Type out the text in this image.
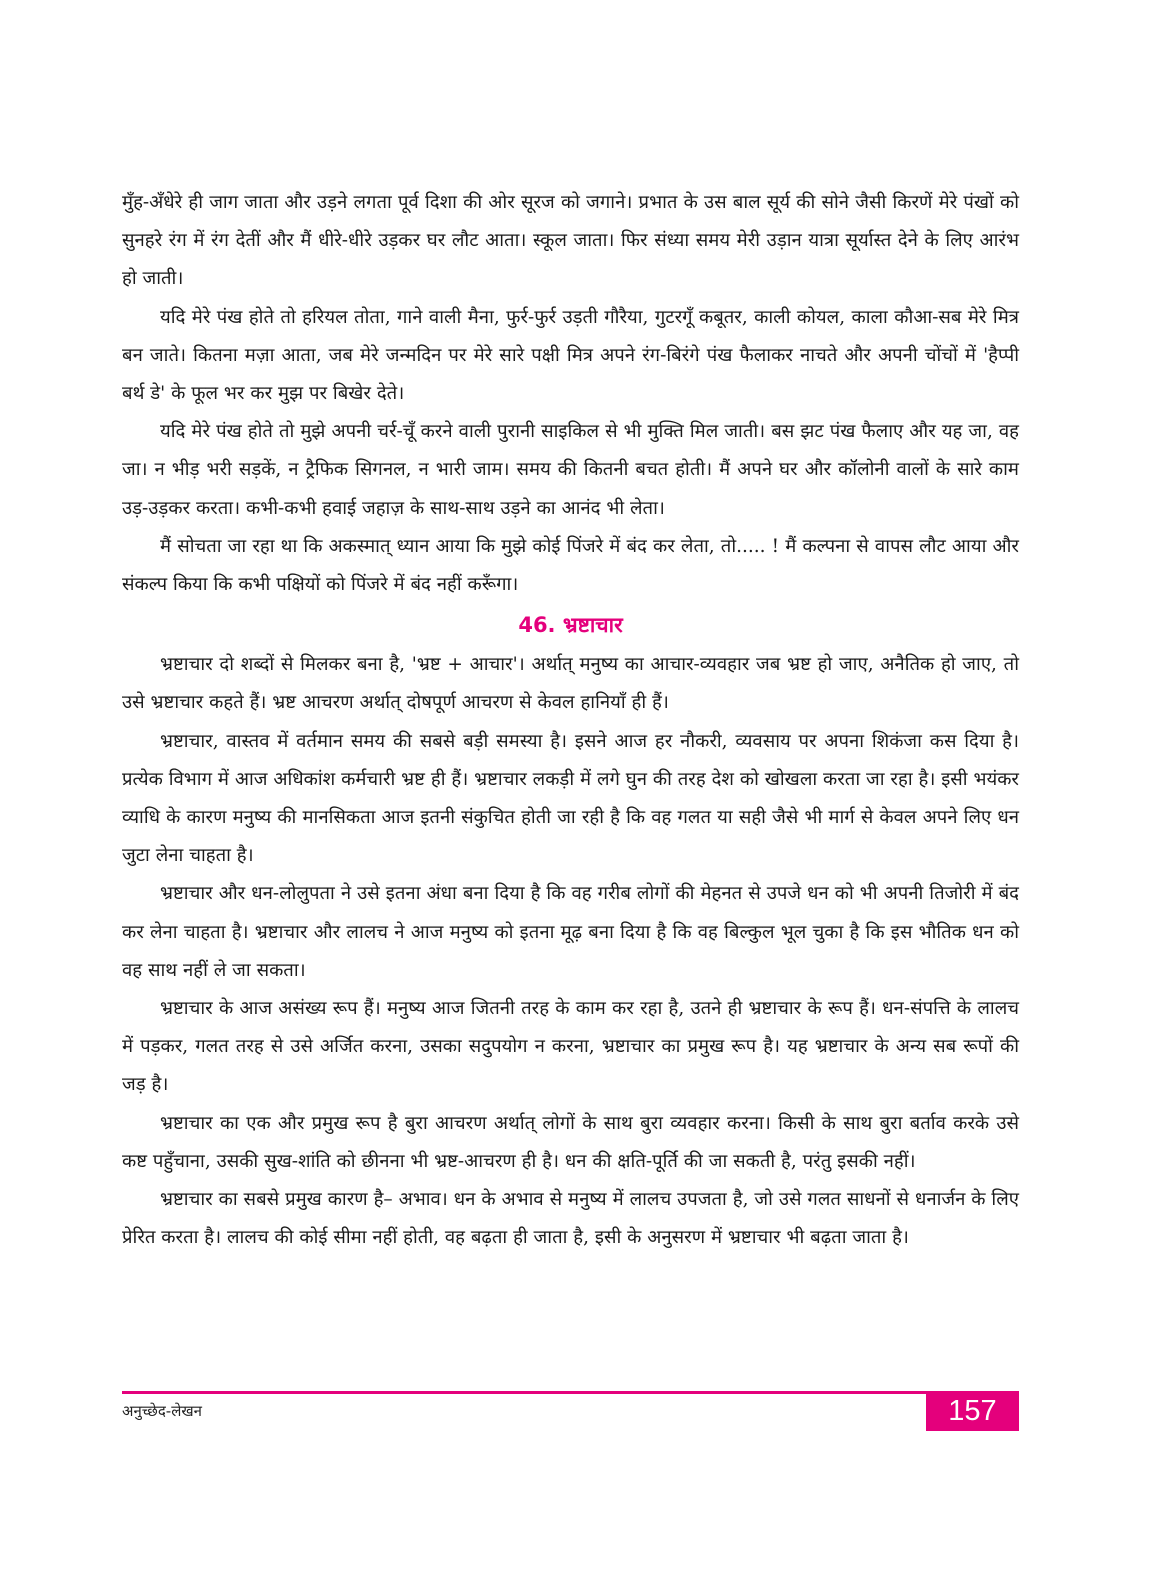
मुँह-अँधेरे ही जाग जाता और उड़ने लगता पूर्व दिशा की ओर सूरज को जगाने। प्रभात के उस बाल सूर्य की सोने जैसी किरणें मेरे पंखों को सुनहरे रंग में रंग देतीं और मैं धीरे-धीरे उड़कर घर लौट आता। स्कूल जाता। फिर संध्या समय मेरी उड़ान यात्रा सूर्यास्त देने के लिए आरंभ हो जाती।

यदि मेरे पंख होते तो हरियल तोता, गाने वाली मैना, फुर्र-फुर्र उड़ती गौरैया, गुटरगूँ कबूतर, काली कोयल, काला कौआ-सब मेरे मित्र बन जाते। कितना मज़ा आता, जब मेरे जन्मदिन पर मेरे सारे पक्षी मित्र अपने रंग-बिरंगे पंख फैलाकर नाचते और अपनी चोंचों में 'हैप्पी बर्थ डे' के फूल भर कर मुझ पर बिखेर देते।

यदि मेरे पंख होते तो मुझे अपनी चर्र-चूँ करने वाली पुरानी साइकिल से भी मुक्ति मिल जाती। बस झट पंख फैलाए और यह जा, वह जा। न भीड़ भरी सड़कें, न ट्रैफिक सिगनल, न भारी जाम। समय की कितनी बचत होती। मैं अपने घर और कॉलोनी वालों के सारे काम उड़-उड़कर करता। कभी-कभी हवाई जहाज़ के साथ-साथ उड़ने का आनंद भी लेता।

मैं सोचता जा रहा था कि अकस्मात् ध्यान आया कि मुझे कोई पिंजरे में बंद कर लेता, तो..... ! मैं कल्पना से वापस लौट आया और संकल्प किया कि कभी पक्षियों को पिंजरे में बंद नहीं करूँगा।

46. भ्रष्टाचार

भ्रष्टाचार दो शब्दों से मिलकर बना है, 'भ्रष्ट + आचार'। अर्थात् मनुष्य का आचार-व्यवहार जब भ्रष्ट हो जाए, अनैतिक हो जाए, तो उसे भ्रष्टाचार कहते हैं। भ्रष्ट आचरण अर्थात् दोषपूर्ण आचरण से केवल हानियाँ ही हैं।

भ्रष्टाचार, वास्तव में वर्तमान समय की सबसे बड़ी समस्या है। इसने आज हर नौकरी, व्यवसाय पर अपना शिकंजा कस दिया है। प्रत्येक विभाग में आज अधिकांश कर्मचारी भ्रष्ट ही हैं। भ्रष्टाचार लकड़ी में लगे घुन की तरह देश को खोखला करता जा रहा है। इसी भयंकर व्याधि के कारण मनुष्य की मानसिकता आज इतनी संकुचित होती जा रही है कि वह गलत या सही जैसे भी मार्ग से केवल अपने लिए धन जुटा लेना चाहता है।

भ्रष्टाचार और धन-लोलुपता ने उसे इतना अंधा बना दिया है कि वह गरीब लोगों की मेहनत से उपजे धन को भी अपनी तिजोरी में बंद कर लेना चाहता है। भ्रष्टाचार और लालच ने आज मनुष्य को इतना मूढ़ बना दिया है कि वह बिल्कुल भूल चुका है कि इस भौतिक धन को वह साथ नहीं ले जा सकता।

भ्रष्टाचार के आज असंख्य रूप हैं। मनुष्य आज जितनी तरह के काम कर रहा है, उतने ही भ्रष्टाचार के रूप हैं। धन-संपत्ति के लालच में पड़कर, गलत तरह से उसे अर्जित करना, उसका सदुपयोग न करना, भ्रष्टाचार का प्रमुख रूप है। यह भ्रष्टाचार के अन्य सब रूपों की जड़ है।

भ्रष्टाचार का एक और प्रमुख रूप है बुरा आचरण अर्थात् लोगों के साथ बुरा व्यवहार करना। किसी के साथ बुरा बर्ताव करके उसे कष्ट पहुँचाना, उसकी सुख-शांति को छीनना भी भ्रष्ट-आचरण ही है। धन की क्षति-पूर्ति की जा सकती है, परंतु इसकी नहीं।

भ्रष्टाचार का सबसे प्रमुख कारण है– अभाव। धन के अभाव से मनुष्य में लालच उपजता है, जो उसे गलत साधनों से धनार्जन के लिए प्रेरित करता है। लालच की कोई सीमा नहीं होती, वह बढ़ता ही जाता है, इसी के अनुसरण में भ्रष्टाचार भी बढ़ता जाता है।

अनुच्छेद-लेखन	157
